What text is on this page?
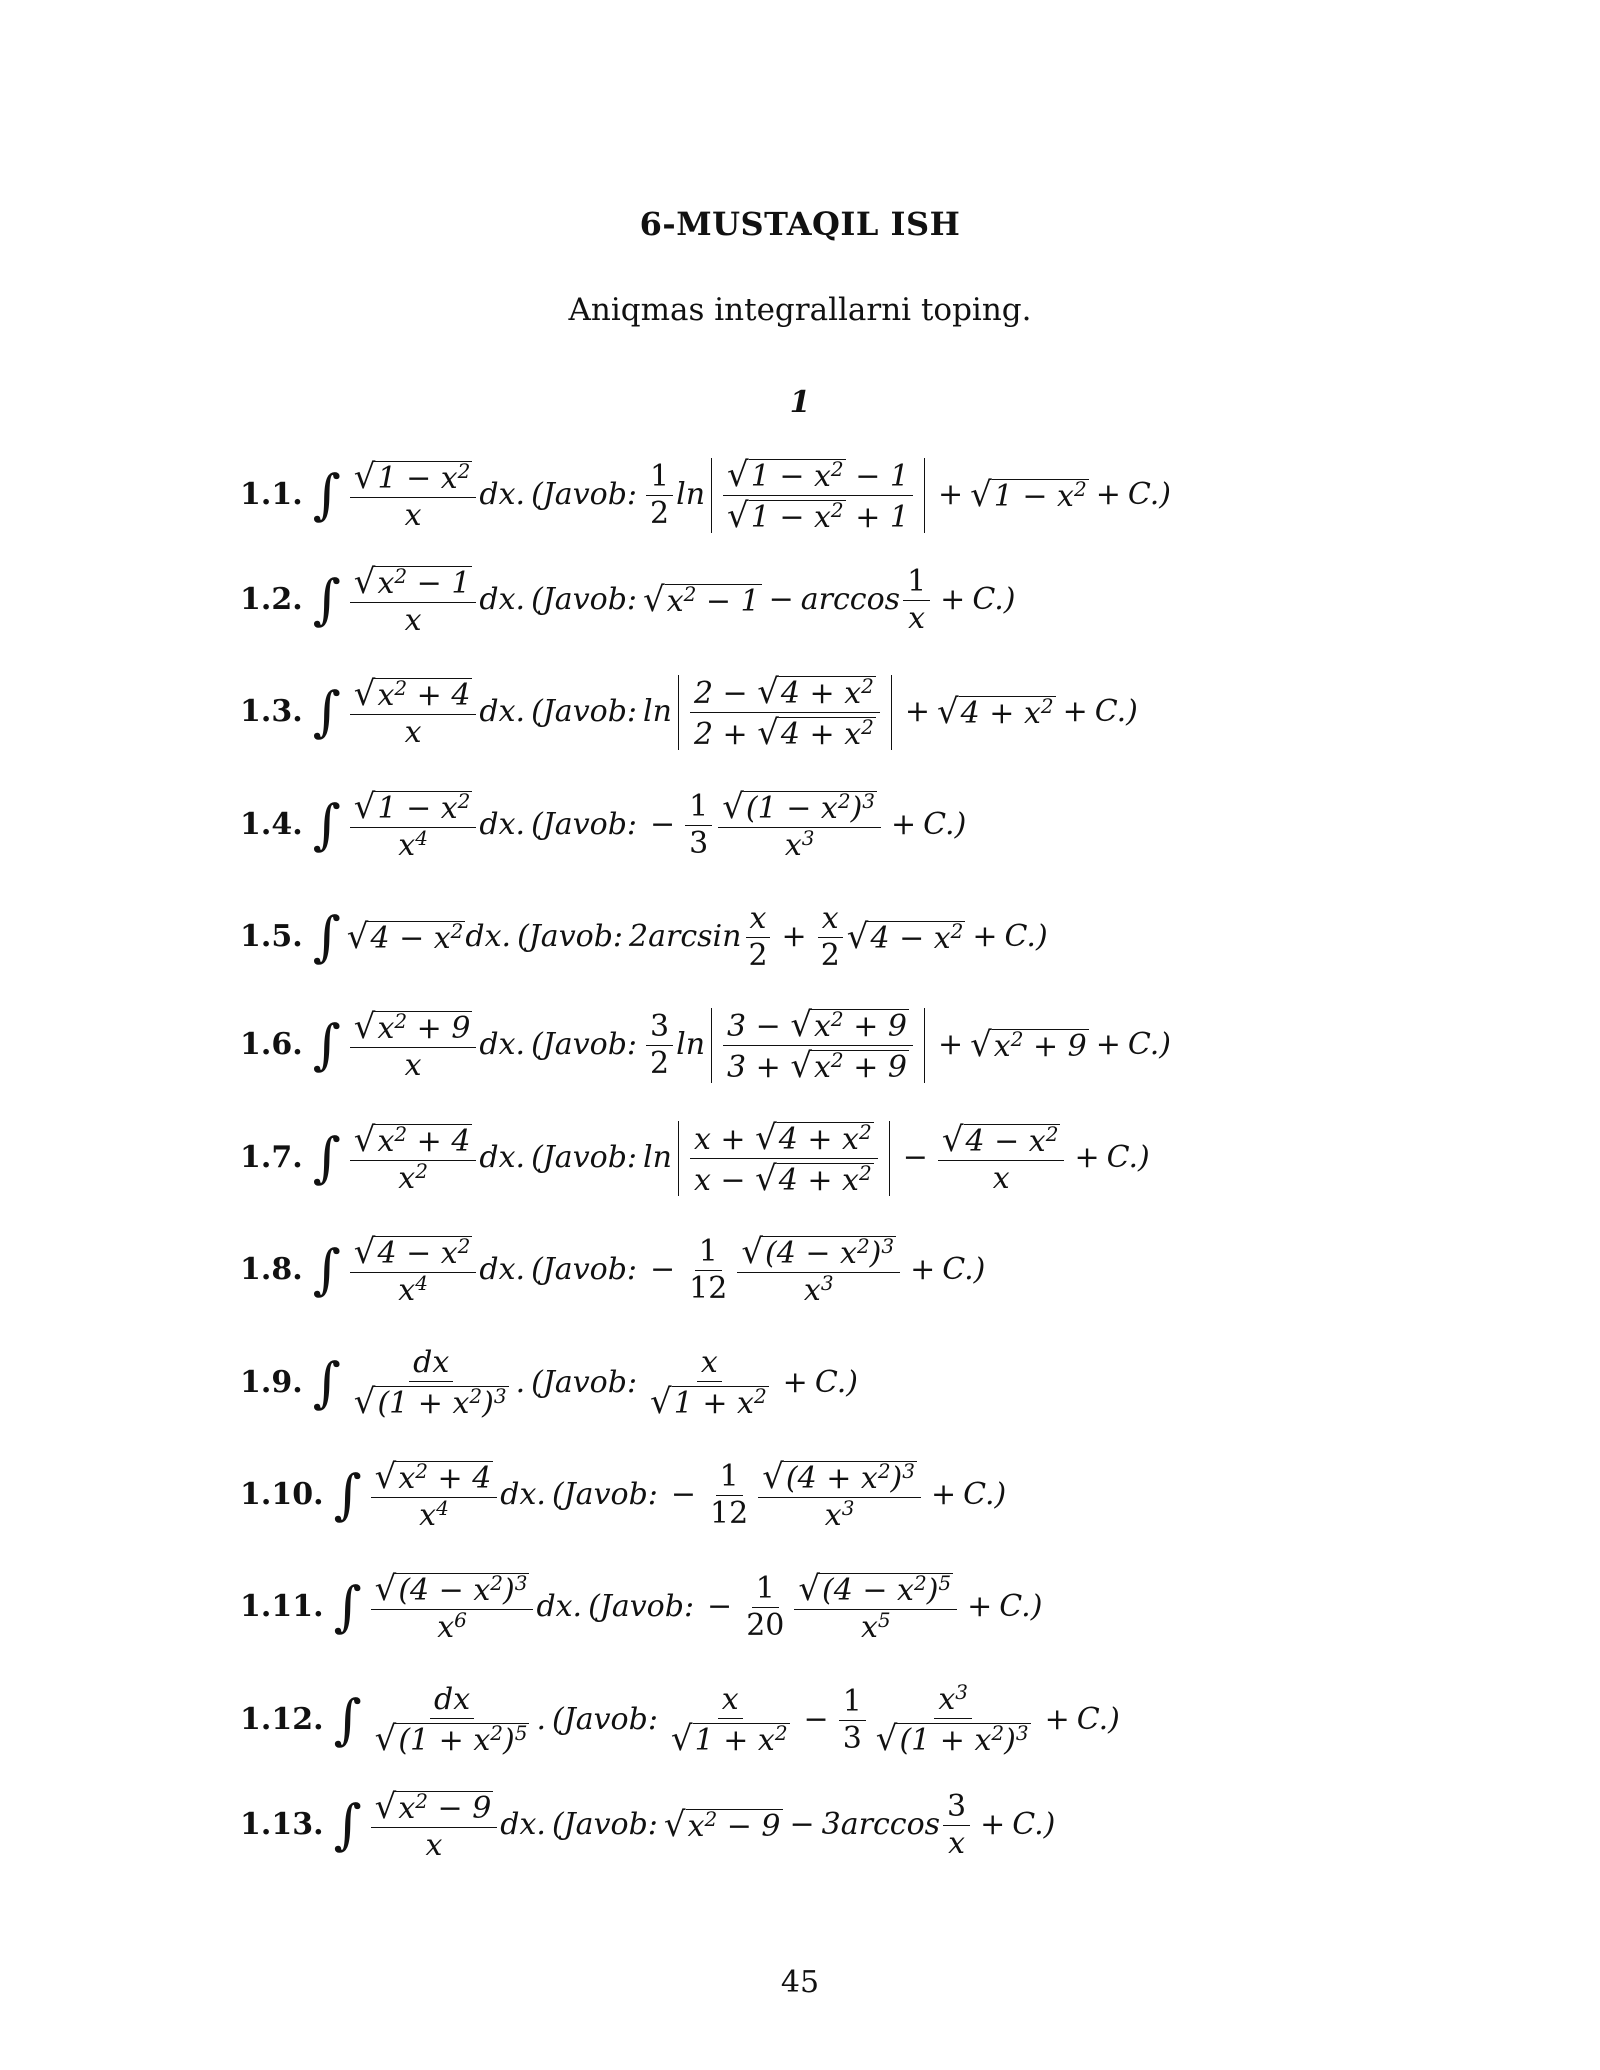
6-MUSTAQIL ISH
Aniqmas integrallarni toping.
1
1.1. ∫ $\frac{√ 1 - x^2}{x}$ dx. (Javob: $\frac{1}{2}$ $\ln \frac{√ 1 - x^2 - 1}{√ 1 - x^2 + 1}$ + √ $1 - x^2 + C$.)
1.2. ∫ $\frac{√ x^2 - 1}{x}$ dx. (Javob: √ $x^2 - 1 - \arccos \frac{1}{x} + C$.)
1.3. ∫ $\frac{√ x^2 + 4}{x}$ dx. (Javob: $\ln \frac{2 - √ 4 + x^2}{2 + √ 4 + x^2}$ + √ $4 + x^2 + C$.)
1.4. ∫ $\frac{√ 1 - x^2}{x^4}$ dx. (Javob: − $\frac{1}{3} \frac{√ (1 - x^2)^3}{x^3} + C$.)
1.5. ∫ √ $4 - x^2$ dx. (Javob: $2\arcsin \frac{x}{2} + \frac{x}{2}$ √ $4 - x^2 + C$.)
1.6. ∫ $\frac{√ x^2 + 9}{x}$ dx. (Javob: $\frac{3}{2}$ $\ln \frac{3 - √ x^2 + 9}{3 + √ x^2 + 9}$ + √ $x^2 + 9 + C$.)
1.7. ∫ $\frac{√ x^2 + 4}{x^2}$ dx. (Javob: $\ln \frac{x + √ 4 + x^2}{x - √ 4 + x^2} - \frac{√ 4 - x^2}{x} + C$.)
1.8. ∫ $\frac{√ 4 - x^2}{x^4}$ dx. (Javob: − $\frac{1}{12} \frac{√ (4 - x^2)^3}{x^3} + C$.)
1.9. ∫ $\frac{dx}{√ (1 + x^2)^3}$ . (Javob: $\frac{x}{√ 1 + x^2} + C$.)
1.10. ∫ $\frac{√ x^2 + 4}{x^4}$ dx. (Javob: − $\frac{1}{12} \frac{√ (4 + x^2)^3}{x^3} + C$.)
1.11. ∫ $\frac{√ (4 - x^2)^3}{x^6}$ dx. (Javob: − $\frac{1}{20} \frac{√ (4 - x^2)^5}{x^5} + C$.)
1.12. ∫ $\frac{dx}{√ (1 + x^2)^5}$ . (Javob: $\frac{x}{√ 1 + x^2} - \frac{1}{3} \frac{x^3}{√ (1 + x^2)^3} + C$.)
1.13. ∫ $\frac{√ x^2 - 9}{x}$ dx. (Javob: √ $x^2 - 9 - 3\arccos \frac{3}{x} + C$.)
45
